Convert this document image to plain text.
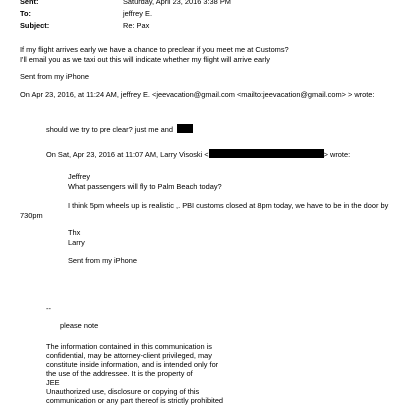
Sent:	Saturday, April 23, 2016 3:38 PM
To:	jeffrey E.
Subject:	Re: Pax
If my flight arrives early we have a chance to preclear if you meet me at Customs?
I'll email you as we taxi out this will indicate whether my flight will arrive early
Sent from my iPhone
On Apr 23, 2016, at 11:24 AM, jeffrey E. <jeevacation@gmail.com <mailto:jeevacation@gmail.com> > wrote:
should we try to pre clear? just me and
On Sat, Apr 23, 2016 at 11:07 AM, Larry Visoski <	> wrote:
Jeffrey
What passengers will fly to Palm Beach today?
I think 5pm wheels up is realistic ,. PBI customs closed at 8pm today, we have to be in the door by
730pm
Thx
Larry
Sent from my iPhone
--
please note
The information contained in this communication is
confidential, may be attorney-client privileged, may
constitute inside information, and is intended only for
the use of the addressee. It is the property of
JEE
Unauthorized use, disclosure or copying of this
communication or any part thereof is strictly prohibited
